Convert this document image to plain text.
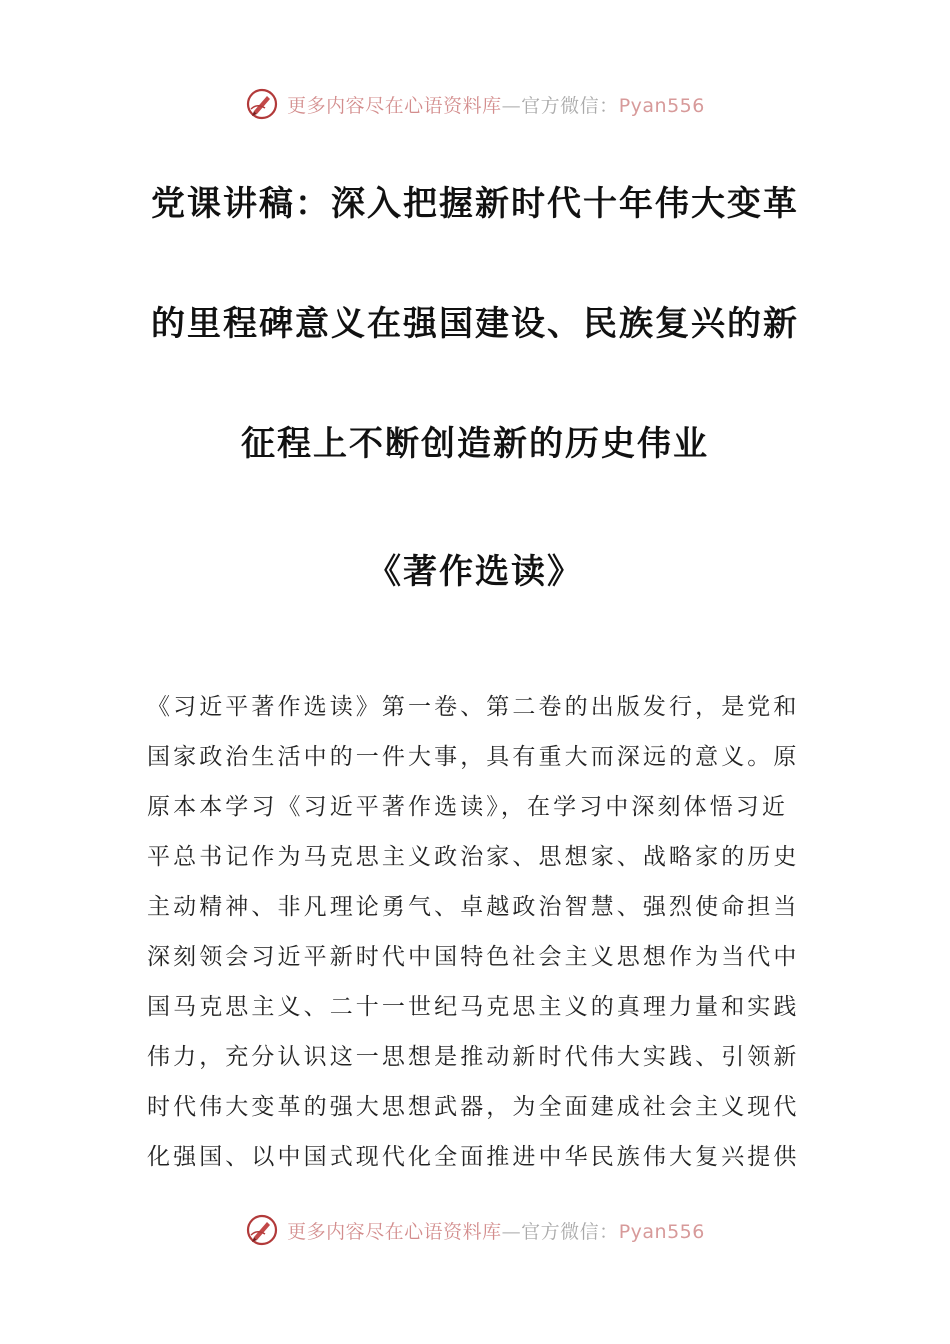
更多内容尽在心语资料库—官方微信：Pyan556
党课讲稿：深入把握新时代十年伟大变革
的里程碑意义在强国建设、民族复兴的新
征程上不断创造新的历史伟业
《著作选读》
《习近平著作选读》第一卷、第二卷的出版发行，是党和
国家政治生活中的一件大事，具有重大而深远的意义。原
原本本学习《习近平著作选读》，在学习中深刻体悟习近
平总书记作为马克思主义政治家、思想家、战略家的历史
主动精神、非凡理论勇气、卓越政治智慧、强烈使命担当
深刻领会习近平新时代中国特色社会主义思想作为当代中
国马克思主义、二十一世纪马克思主义的真理力量和实践
伟力，充分认识这一思想是推动新时代伟大实践、引领新
时代伟大变革的强大思想武器，为全面建成社会主义现代
化强国、以中国式现代化全面推进中华民族伟大复兴提供
更多内容尽在心语资料库—官方微信：Pyan556
